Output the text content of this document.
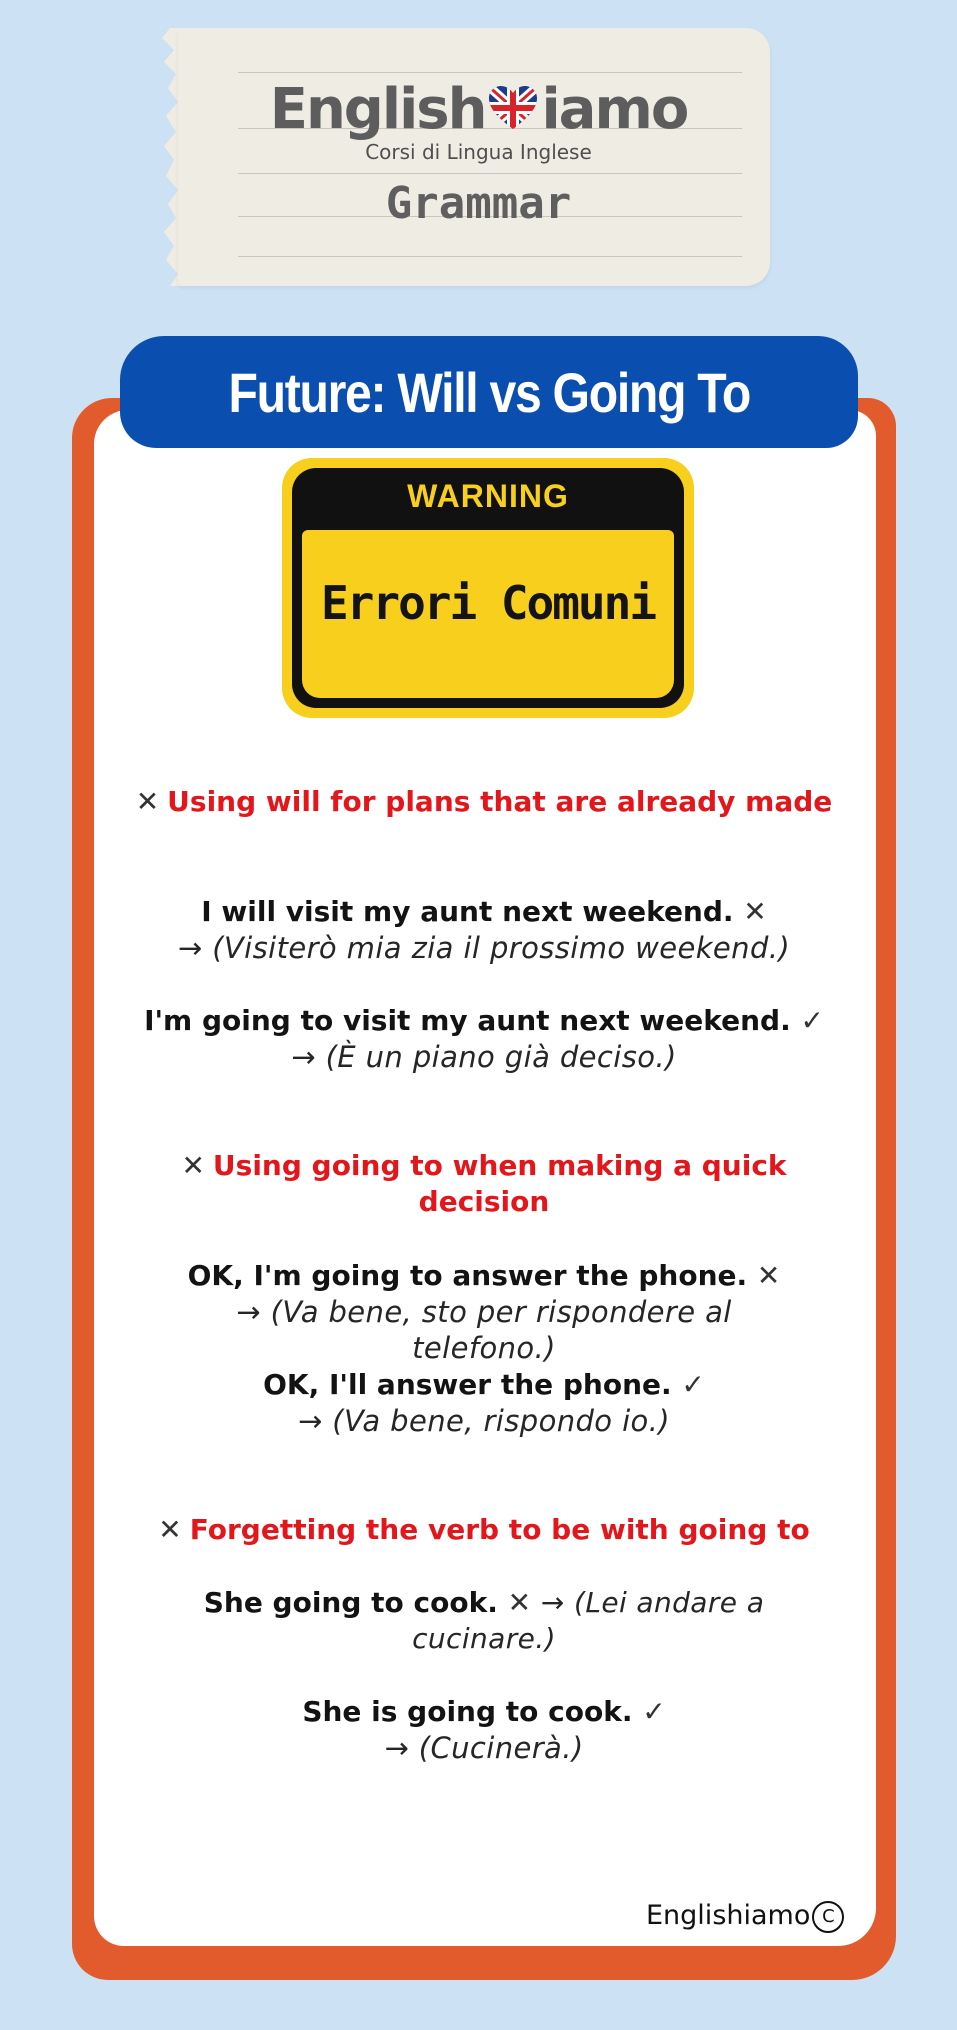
English iamo
Corsi di Lingua Inglese
Grammar
Future: Will vs Going To
WARNING
Errori Comuni

✕ Using will for plans that are already made

I will visit my aunt next weekend. ✕

→ (Visiterò mia zia il prossimo weekend.)

I'm going to visit my aunt next weekend. ✓

→ (È un piano già deciso.)

✕ Using going to when making a quick decision

OK, I'm going to answer the phone. ✕

→ (Va bene, sto per rispondere al telefono.)

OK, I'll answer the phone. ✓

→ (Va bene, rispondo io.)

✕ Forgetting the verb to be with going to

She going to cook. ✕ → (Lei andare a cucinare.)

She is going to cook. ✓

→ (Cucinerà.)

Englishiamo C
